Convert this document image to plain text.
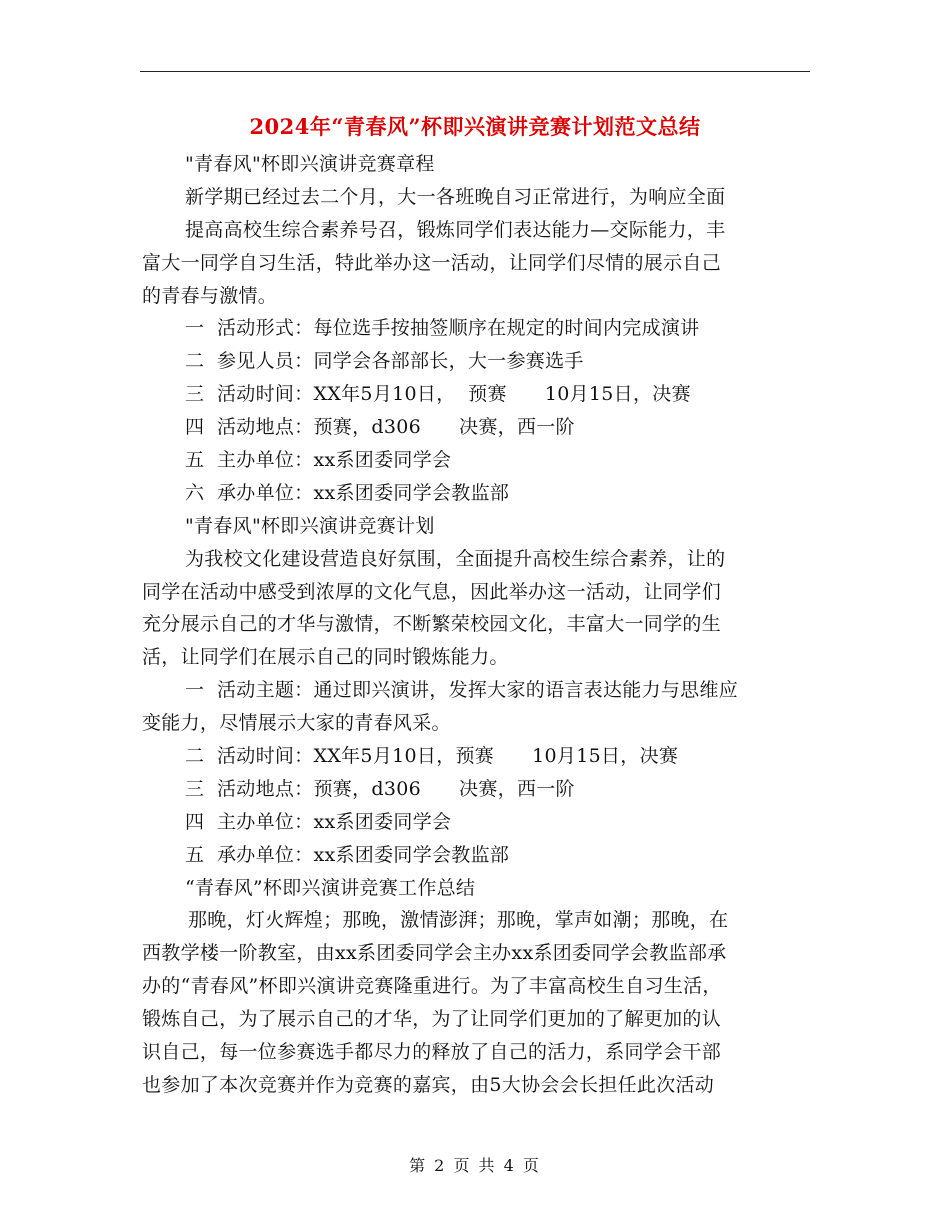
2024年“青春风”杯即兴演讲竞赛计划范文总结
"青春风"杯即兴演讲竞赛章程
新学期已经过去二个月，大一各班晚自习正常进行，为响应全面
提高高校生综合素养号召，锻炼同学们表达能力—交际能力，丰
富大一同学自习生活，特此举办这一活动，让同学们尽情的展示自己
的青春与激情。
一  活动形式：每位选手按抽签顺序在规定的时间内完成演讲
二  参见人员：同学会各部部长，大一参赛选手
三  活动时间：XX年5月10日，  预赛      10月15日，决赛
四  活动地点：预赛，d306      决赛，西一阶
五  主办单位：xx系团委同学会
六  承办单位：xx系团委同学会教监部
"青春风"杯即兴演讲竞赛计划
为我校文化建设营造良好氛围，全面提升高校生综合素养，让的
同学在活动中感受到浓厚的文化气息，因此举办这一活动，让同学们
充分展示自己的才华与激情，不断繁荣校园文化，丰富大一同学的生
活，让同学们在展示自己的同时锻炼能力。
一  活动主题：通过即兴演讲，发挥大家的语言表达能力与思维应
变能力，尽情展示大家的青春风采。
二  活动时间：XX年5月10日，预赛      10月15日，决赛
三  活动地点：预赛，d306      决赛，西一阶
四  主办单位：xx系团委同学会
五  承办单位：xx系团委同学会教监部
“青春风”杯即兴演讲竞赛工作总结
那晚，灯火辉煌；那晚，激情澎湃；那晚，掌声如潮；那晚，在
西教学楼一阶教室，由xx系团委同学会主办xx系团委同学会教监部承
办的“青春风”杯即兴演讲竞赛隆重进行。为了丰富高校生自习生活，
锻炼自己，为了展示自己的才华，为了让同学们更加的了解更加的认
识自己，每一位参赛选手都尽力的释放了自己的活力，系同学会干部
也参加了本次竞赛并作为竞赛的嘉宾，由5大协会会长担任此次活动
第 2 页 共 4 页
